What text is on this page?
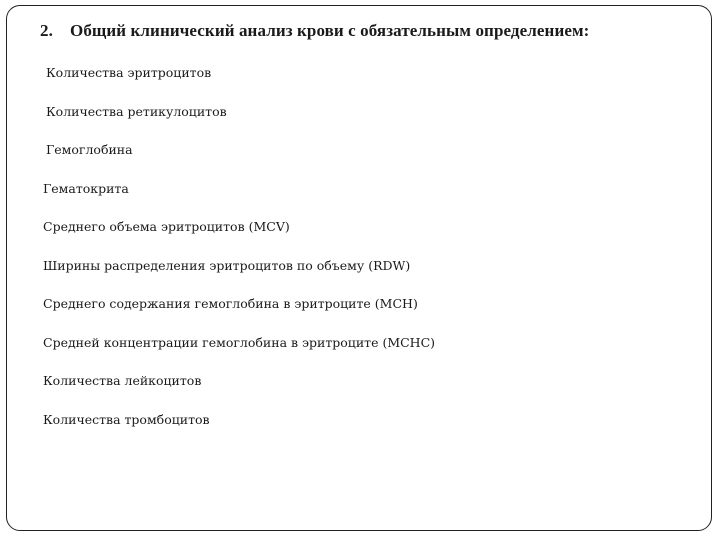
2. Общий клинический анализ крови с обязательным определением:
Количества эритроцитов
Количества ретикулоцитов
Гемоглобина
Гематокрита
Среднего объема эритроцитов (MCV)
Ширины распределения эритроцитов по объему (RDW)
Среднего содержания гемоглобина в эритроците (MCH)
Средней концентрации гемоглобина в эритроците (MCHC)
Количества лейкоцитов
Количества тромбоцитов
